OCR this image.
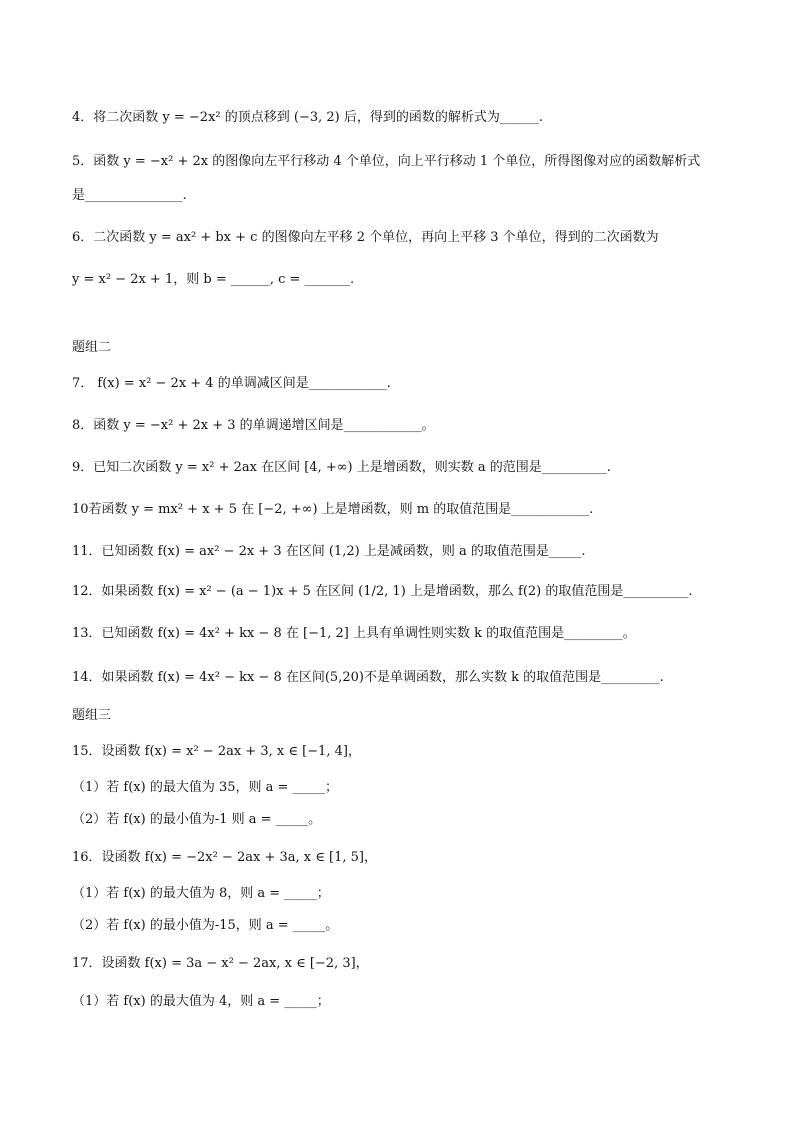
4．将二次函数 y = −2x² 的顶点移到 (−3, 2) 后，得到的函数的解析式为______.
5．函数 y = −x² + 2x 的图像向左平行移动 4 个单位，向上平行移动 1 个单位，所得图像对应的函数解析式
是_______________.
6．二次函数 y = ax² + bx + c 的图像向左平移 2 个单位，再向上平移 3 个单位，得到的二次函数为
y = x² − 2x + 1，则 b = ______, c = _______.
题组二
7． f(x) = x² − 2x + 4 的单调减区间是____________.
8．函数 y = −x² + 2x + 3 的单调递增区间是____________。
9．已知二次函数 y = x² + 2ax 在区间 [4, +∞) 上是增函数，则实数 a 的范围是__________.
10若函数 y = mx² + x + 5 在 [−2, +∞) 上是增函数，则 m 的取值范围是____________.
11．已知函数 f(x) = ax² − 2x + 3 在区间 (1,2) 上是减函数，则 a 的取值范围是_____.
12．如果函数 f(x) = x² − (a − 1)x + 5 在区间 (1/2, 1) 上是增函数，那么 f(2) 的取值范围是__________.
13．已知函数 f(x) = 4x² + kx − 8 在 [−1, 2] 上具有单调性则实数 k 的取值范围是_________。
14．如果函数 f(x) = 4x² − kx − 8 在区间(5,20)不是单调函数，那么实数 k 的取值范围是_________.
题组三
15．设函数 f(x) = x² − 2ax + 3, x ∈ [−1, 4]，
（1）若 f(x) 的最大值为 35，则 a = _____；
（2）若 f(x) 的最小值为-1 则 a = _____。
16．设函数 f(x) = −2x² − 2ax + 3a, x ∈ [1, 5]，
（1）若 f(x) 的最大值为 8，则 a = _____；
（2）若 f(x) 的最小值为-15，则 a = _____。
17．设函数 f(x) = 3a − x² − 2ax, x ∈ [−2, 3]，
（1）若 f(x) 的最大值为 4，则 a = _____；
